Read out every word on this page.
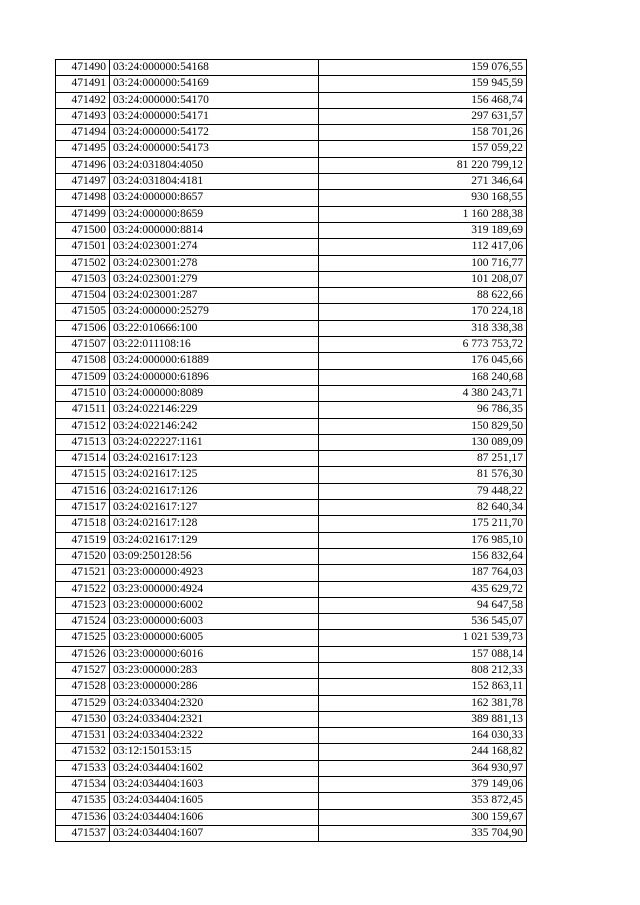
471490	03:24:000000:54168	159 076,55
471491	03:24:000000:54169	159 945,59
471492	03:24:000000:54170	156 468,74
471493	03:24:000000:54171	297 631,57
471494	03:24:000000:54172	158 701,26
471495	03:24:000000:54173	157 059,22
471496	03:24:031804:4050	81 220 799,12
471497	03:24:031804:4181	271 346,64
471498	03:24:000000:8657	930 168,55
471499	03:24:000000:8659	1 160 288,38
471500	03:24:000000:8814	319 189,69
471501	03:24:023001:274	112 417,06
471502	03:24:023001:278	100 716,77
471503	03:24:023001:279	101 208,07
471504	03:24:023001:287	88 622,66
471505	03:24:000000:25279	170 224,18
471506	03:22:010666:100	318 338,38
471507	03:22:011108:16	6 773 753,72
471508	03:24:000000:61889	176 045,66
471509	03:24:000000:61896	168 240,68
471510	03:24:000000:8089	4 380 243,71
471511	03:24:022146:229	96 786,35
471512	03:24:022146:242	150 829,50
471513	03:24:022227:1161	130 089,09
471514	03:24:021617:123	87 251,17
471515	03:24:021617:125	81 576,30
471516	03:24:021617:126	79 448,22
471517	03:24:021617:127	82 640,34
471518	03:24:021617:128	175 211,70
471519	03:24:021617:129	176 985,10
471520	03:09:250128:56	156 832,64
471521	03:23:000000:4923	187 764,03
471522	03:23:000000:4924	435 629,72
471523	03:23:000000:6002	94 647,58
471524	03:23:000000:6003	536 545,07
471525	03:23:000000:6005	1 021 539,73
471526	03:23:000000:6016	157 088,14
471527	03:23:000000:283	808 212,33
471528	03:23:000000:286	152 863,11
471529	03:24:033404:2320	162 381,78
471530	03:24:033404:2321	389 881,13
471531	03:24:033404:2322	164 030,33
471532	03:12:150153:15	244 168,82
471533	03:24:034404:1602	364 930,97
471534	03:24:034404:1603	379 149,06
471535	03:24:034404:1605	353 872,45
471536	03:24:034404:1606	300 159,67
471537	03:24:034404:1607	335 704,90
